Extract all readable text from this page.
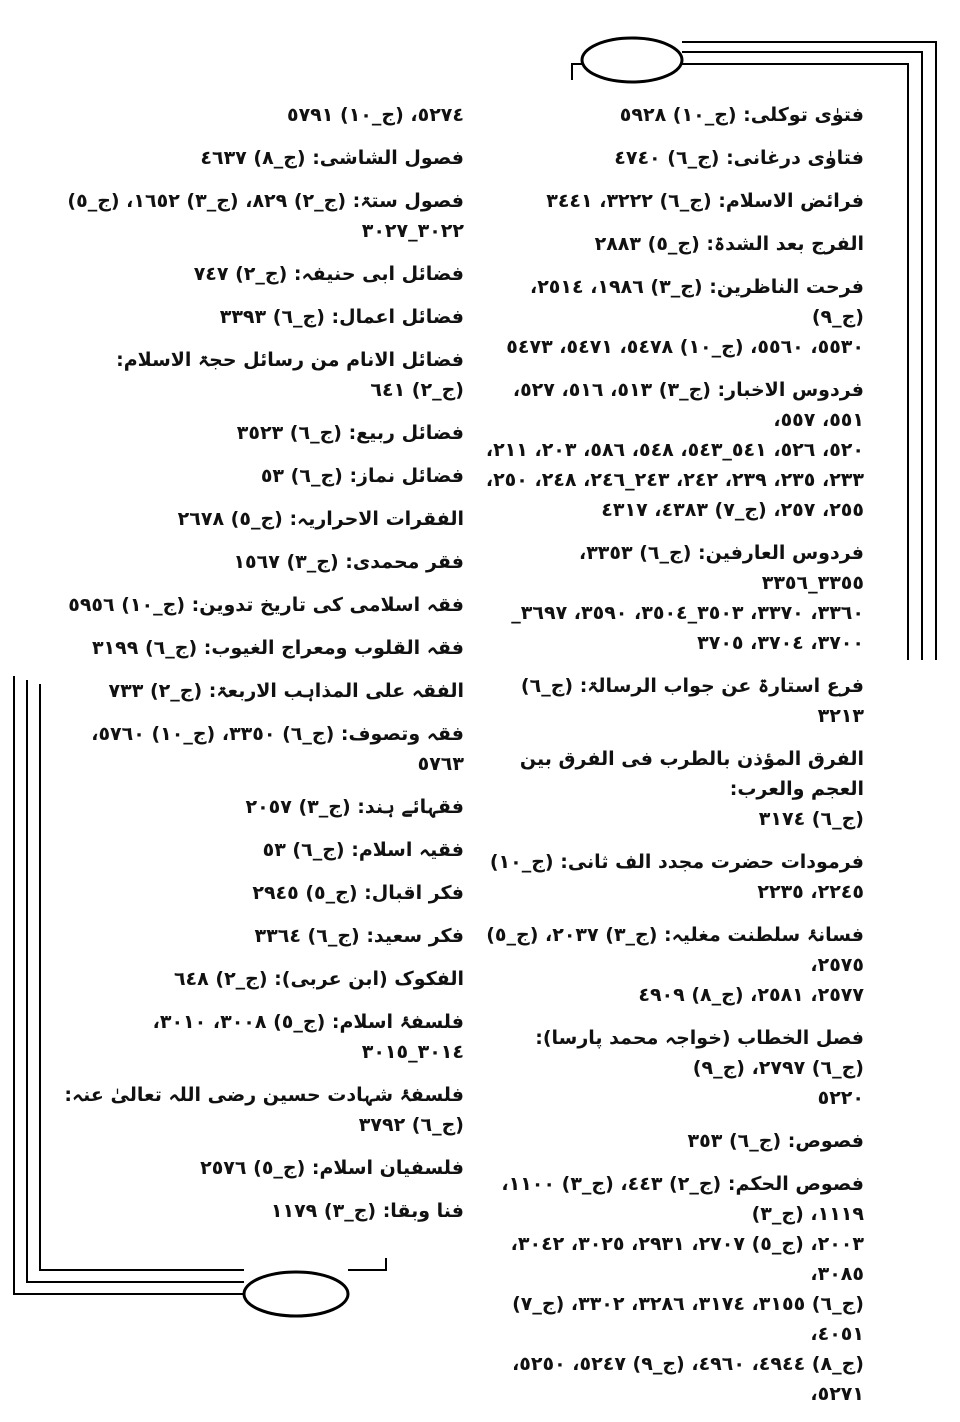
فتوٰی توکلی: (ج_١٠) ٥٩٢٨
فتاوٰی درغانی: (ج_٦) ٤٧٤٠
فرائض الاسلام: (ج_٦) ٣٢٢٢، ٣٤٤١
الفرج بعد الشدۃ: (ج_٥) ٢٨٨٣
فرحت الناظرین: (ج_٣) ١٩٨٦، ٢٥١٤، (ج_٩)
٥٥٣٠، ٥٥٦٠، (ج_١٠) ٥٤٧٨، ٥٤٧١، ٥٤٧٣
فردوس الاخبار: (ج_٣) ٥١٣، ٥١٦، ٥٢٧، ٥٥١، ٥٥٧،
٥٢٠، ٥٢٦، ٥٤١_٥٤٣، ٥٤٨، ٥٨٦، ٢٠٣، ٢١١،
٢٣٣، ٢٣٥، ٢٣٩، ٢٤٢، ٢٤٣_٢٤٦، ٢٤٨، ٢٥٠،
٢٥٥، ٢٥٧، (ج_٧) ٤٣٨٣، ٤٣١٧
فردوس العارفین: (ج_٦) ٣٣٥٣، ٣٣٥٥_٣٣٥٦
٣٣٦٠، ٣٣٧٠، ٣٥٠٣_٣٥٠٤، ٣٥٩٠، ٣٦٩٧_
٣٧٠٠، ٣٧٠٤، ٣٧٠٥
فرع استارۃ عن جواب الرسالۃ: (ج_٦) ٣٢١٣
الفرق المؤذن بالطرب فی الفرق بین العجم والعرب:
(ج_٦) ٣١٧٤
فرمودات حضرت مجدد الف ثانی: (ج_١٠) ٢٢٤٥، ٢٢٣٥
فسانۂ سلطنت مغلیہ: (ج_٣) ٢٠٣٧، (ج_٥) ٢٥٧٥،
٢٥٧٧، ٢٥٨١، (ج_٨) ٤٩٠٩
فصل الخطاب (خواجہ محمد پارسا): (ج_٦) ٢٧٩٧، (ج_٩)
٥٢٢٠
فصوص: (ج_٦) ٣٥٣
فصوص الحکم: (ج_٢) ٤٤٣، (ج_٣) ١١٠٠، ١١١٩، (ج_٣)
٢٠٠٣، (ج_٥) ٢٧٠٧، ٢٩٣١، ٣٠٢٥، ٣٠٤٢، ٣٠٨٥،
(ج_٦) ٣١٥٥، ٣١٧٤، ٣٢٨٦، ٣٣٠٢، (ج_٧) ٤٠٥١،
(ج_٨) ٤٩٤٤، ٤٩٦٠، (ج_٩) ٥٢٤٧، ٥٢٥٠، ٥٢٧١،
٥٢٧٤، (ج_١٠) ٥٧٩١
فصول الشاشی: (ج_٨) ٤٦٣٧
فصول ستۃ: (ج_٢) ٨٢٩، (ج_٣) ١٦٥٢، (ج_٥)
٣٠٢٢_٣٠٢٧
فضائل ابی حنیفہ: (ج_٢) ٧٤٧
فضائل اعمال: (ج_٦) ٣٣٩٣
فضائل الانام من رسائل حجۃ الاسلام: (ج_٢) ٦٤١
فضائل ربیع: (ج_٦) ٣٥٢٣
فضائل نماز: (ج_٦) ٥٣
الفقرات الاحراریہ: (ج_٥) ٢٦٧٨
فقر محمدی: (ج_٣) ١٥٦٧
فقہ اسلامی کی تاریخ تدوین: (ج_١٠) ٥٩٥٦
فقہ القلوب ومعراج الغیوب: (ج_٦) ٣١٩٩
الفقہ علی المذاہب الاربعۃ: (ج_٢) ٧٣٣
فقہ وتصوف: (ج_٦) ٣٣٥٠، (ج_١٠) ٥٧٦٠، ٥٧٦٣
فقہائے ہند: (ج_٣) ٢٠٥٧
فقیہ اسلام: (ج_٦) ٥٣
فکر اقبال: (ج_٥) ٢٩٤٥
فکر سعید: (ج_٦) ٣٣٦٤
الفکوک (ابن عربی): (ج_٢) ٦٤٨
فلسفۂ اسلام: (ج_٥) ٣٠٠٨، ٣٠١٠، ٣٠١٤_٣٠١٥
فلسفۂ شہادت حسین رضی اللہ تعالیٰ عنہ: (ج_٦) ٣٧٩٢
فلسفیان اسلام: (ج_٥) ٢٥٧٦
فنا وبقا: (ج_٣) ١١٧٩
